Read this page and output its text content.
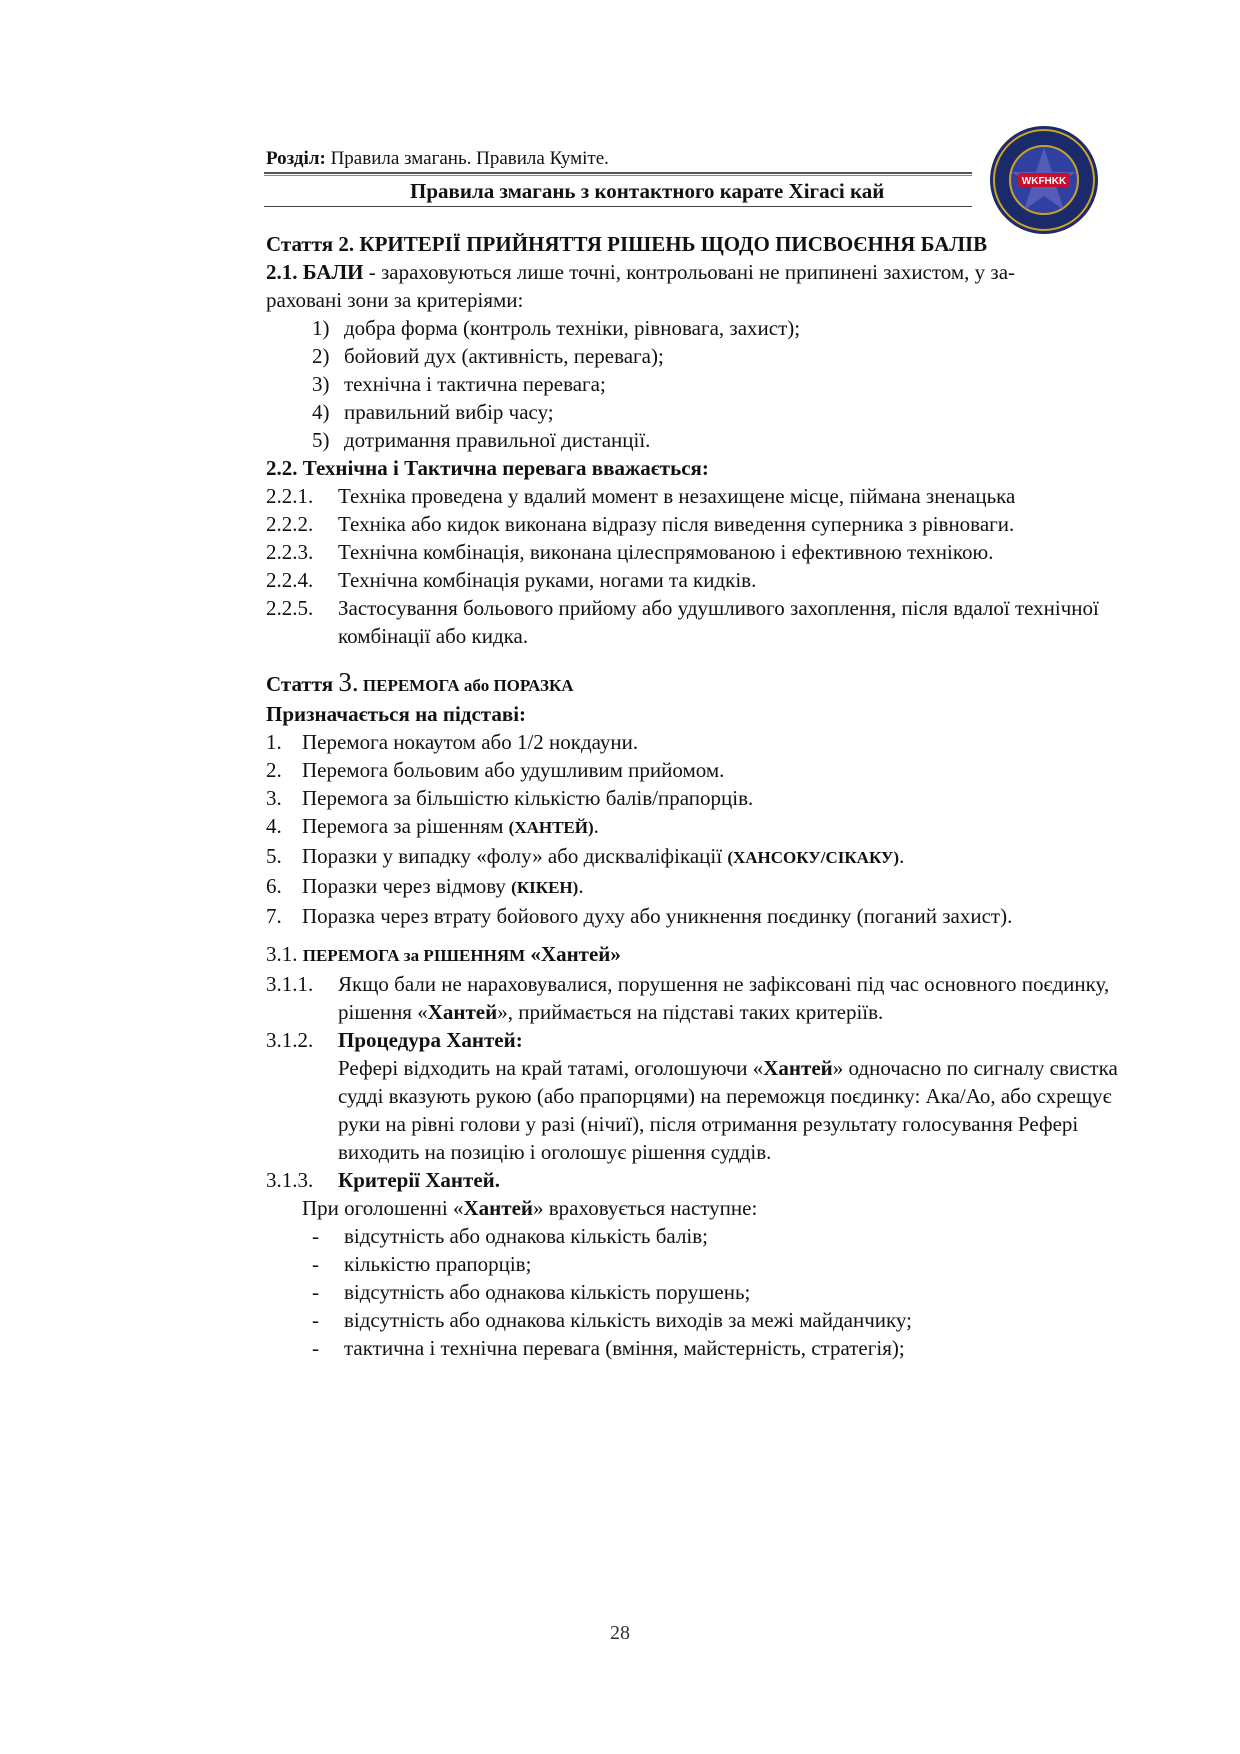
Розділ: Правила змагань. Правила Куміте.
Правила змагань з контактного карате Хігасі кай	WKFHKK

Стаття 2. КРИТЕРІЇ ПРИЙНЯТТЯ РІШЕНЬ ЩОДО ПИСВОЄННЯ БАЛІВ

2.1. БАЛИ - зараховуються лише точні, контрольовані не припинені захистом, у за-

раховані зони за критеріями:

1) добра форма (контроль техніки, рівновага, захист);
2) бойовий дух (активність, перевага);
3) технічна і тактична перевага;
4) правильний вибір часу;
5) дотримання правильної дистанції.

2.2. Технічна і Тактична перевага вважається:

2.2.1.	Техніка проведена у вдалий момент в незахищене місце, піймана зненацька
2.2.2.	Техніка або кидок виконана відразу після виведення суперника з рівноваги.
2.2.3.	Технічна комбінація, виконана цілеспрямованою і ефективною технікою.
2.2.4.	Технічна комбінація руками, ногами та кидків.
2.2.5.	Застосування больового прийому або удушливого захоплення, після вдалої технічної комбінації або кидка.

Стаття 3. ПЕРЕМОГА або ПОРАЗКА

Призначається на підставі:

1. Перемога нокаутом або 1/2 нокдауни.
2. Перемога больовим або удушливим прийомом.
3. Перемога за більшістю кількістю балів/прапорців.
4. Перемога за рішенням (ХАНТЕЙ).
5. Поразки у випадку «фолу» або дискваліфікації (ХАНСОКУ/СІКАКУ).
6. Поразки через відмову (КІКЕН).
7. Поразка через втрату бойового духу або уникнення поєдинку (поганий захист).

3.1. ПЕРЕМОГА за РІШЕННЯМ «Хантей»

3.1.1.	Якщо бали не нараховувалися, порушення не зафіксовані під час основного поєдинку, рішення «Хантей», приймається на підставі таких критеріїв.
3.1.2.	Процедура Хантей:
Рефері відходить на край татамі, оголошуючи «Хантей» одночасно по сигналу свистка судді вказують рукою (або прапорцями) на переможця поєдинку: Ака/Ао, або схрещує руки на рівні голови у разі (нічиї), після отримання результату голосування Рефері виходить на позицію і оголошує рішення суддів.
3.1.3.	Критерії Хантей.

При оголошенні «Хантей» враховується наступне:

-	відсутність або однакова кількість балів;
-	кількістю прапорців;
-	відсутність або однакова кількість порушень;
-	відсутність або однакова кількість виходів за межі майданчику;
-	тактична і технічна перевага (вміння, майстерність, стратегія);
28
